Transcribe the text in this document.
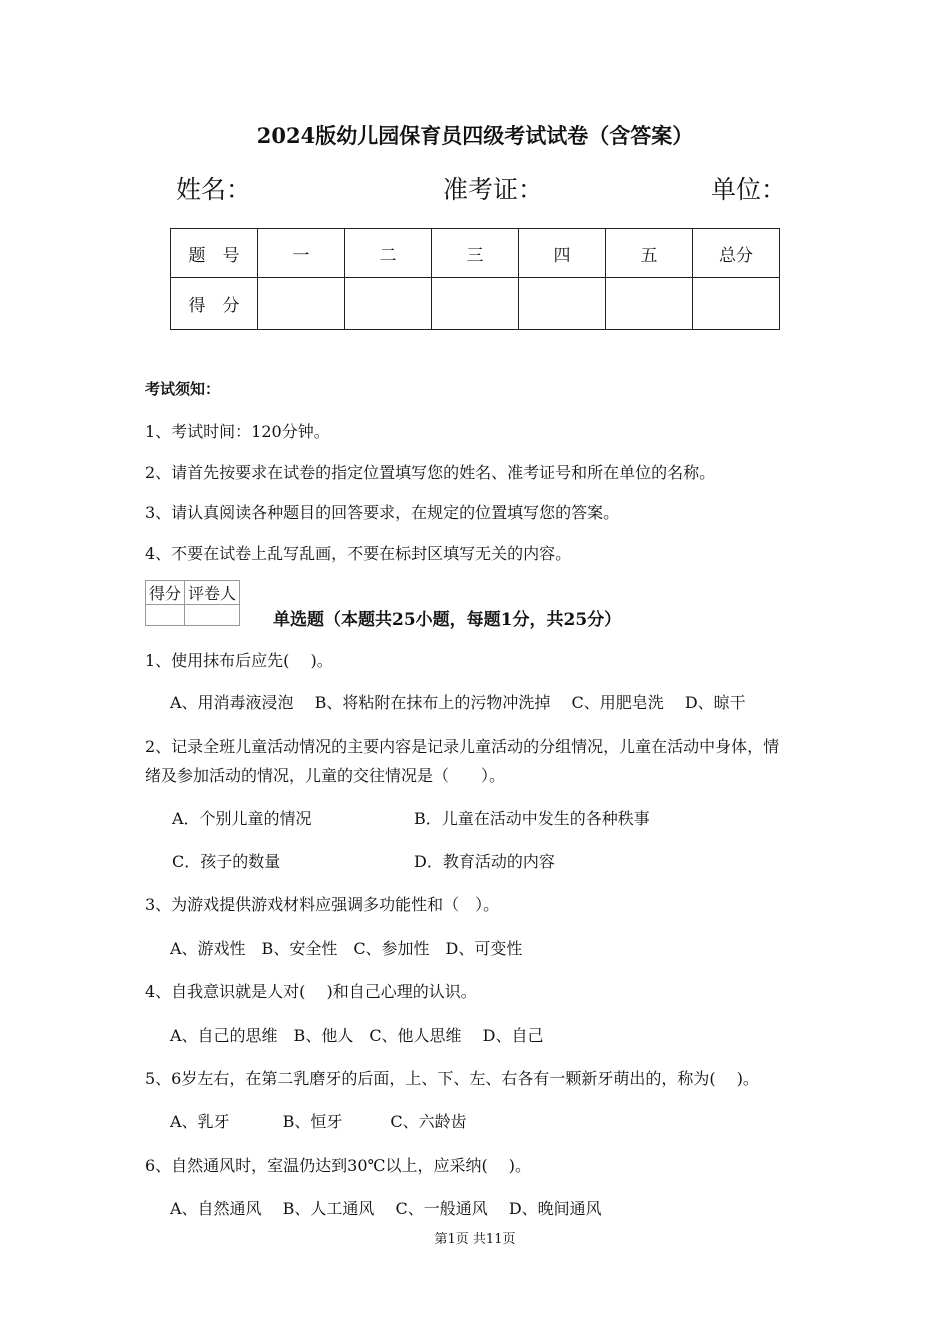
2024版幼儿园保育员四级考试试卷（含答案）
姓名：	准考证：	单位：
题　号	一	二	三	四	五	总分
得　分						
考试须知：
1、考试时间：120分钟。
2、请首先按要求在试卷的指定位置填写您的姓名、准考证号和所在单位的名称。
3、请认真阅读各种题目的回答要求，在规定的位置填写您的答案。
4、不要在试卷上乱写乱画，不要在标封区填写无关的内容。
得分	评卷人

单选题（本题共25小题，每题1分，共25分）
1、使用抹布后应先(　 )。
A、用消毒液浸泡　 B、将粘附在抹布上的污物冲洗掉　 C、用肥皂洗　 D、晾干
2、记录全班儿童活动情况的主要内容是记录儿童活动的分组情况，儿童在活动中身体，情
绪及参加活动的情况，儿童的交往情况是（　　）。
A．个别儿童的情况	B．儿童在活动中发生的各种秩事
C．孩子的数量	D．教育活动的内容
3、为游戏提供游戏材料应强调多功能性和（　）。
A、游戏性　B、安全性　C、参加性　D、可变性
4、自我意识就是人对(　 )和自己心理的认识。
A、自己的思维　B、他人　C、他人思维　 D、自己
5、6岁左右，在第二乳磨牙的后面，上、下、左、右各有一颗新牙萌出的，称为(　 )。
A、乳牙　　　 B、恒牙　　　C、六龄齿
6、自然通风时，室温仍达到30℃以上，应采纳(　 )。
A、自然通风　 B、人工通风　 C、一般通风　 D、晚间通风
第1页 共11页
